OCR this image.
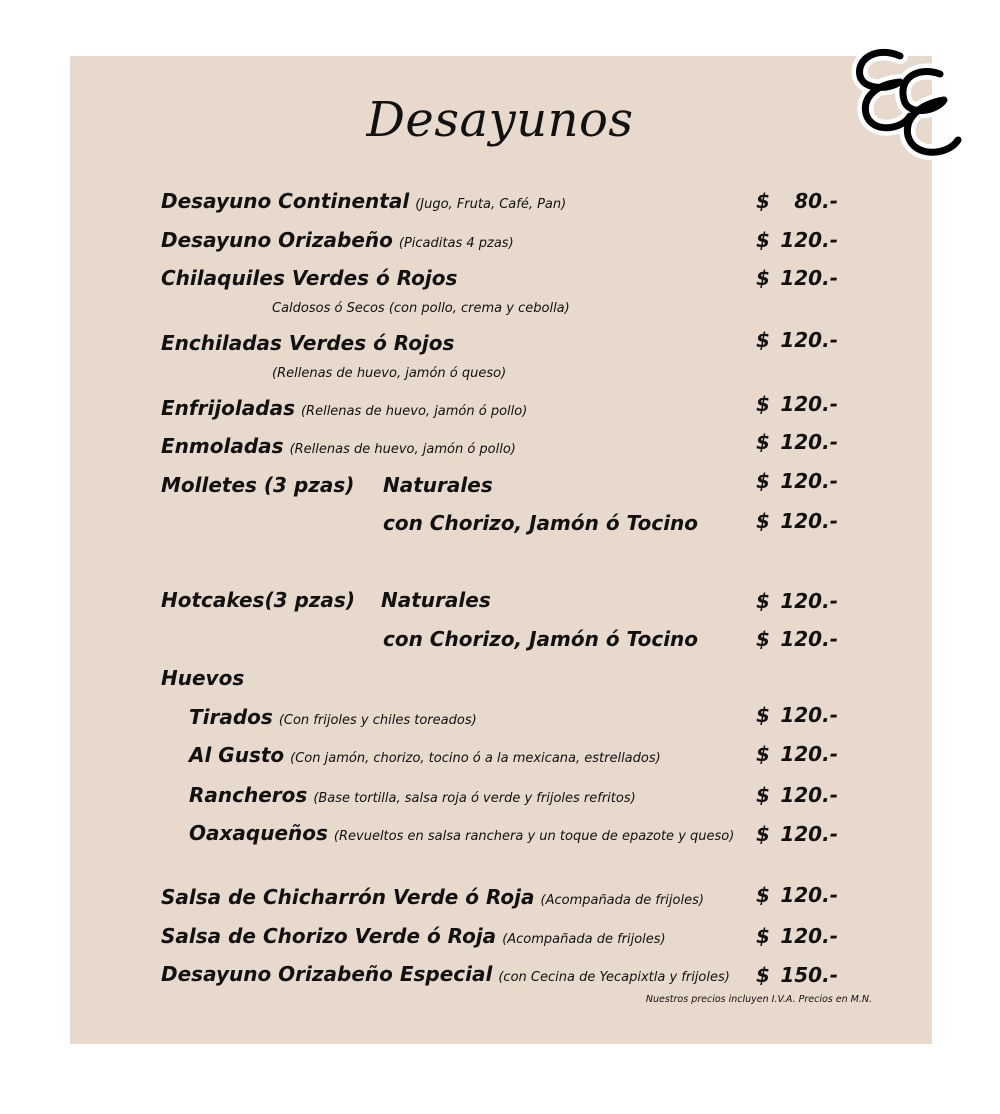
Desayunos
Desayuno Continental (Jugo, Fruta, Café, Pan)	$ 80.-
Desayuno Orizabeño (Picaditas 4 pzas)	$ 120.-
Chilaquiles Verdes ó Rojos	$ 120.-
Caldosos ó Secos (con pollo, crema y cebolla)
Enchiladas Verdes ó Rojos	$ 120.-
(Rellenas de huevo, jamón ó queso)
Enfrijoladas (Rellenas de huevo, jamón ó pollo)	$ 120.-
Enmoladas (Rellenas de huevo, jamón ó pollo)	$ 120.-
Molletes (3 pzas) Naturales	$ 120.-
con Chorizo, Jamón ó Tocino	$ 120.-
Hotcakes(3 pzas) Naturales	$ 120.-
con Chorizo, Jamón ó Tocino	$ 120.-
Huevos
Tirados (Con frijoles y chiles toreados)	$ 120.-
Al Gusto (Con jamón, chorizo, tocino ó a la mexicana, estrellados)	$ 120.-
Rancheros (Base tortilla, salsa roja ó verde y frijoles refritos)	$ 120.-
Oaxaqueños (Revueltos en salsa ranchera y un toque de epazote y queso) $ 120.-
Salsa de Chicharrón Verde ó Roja (Acompañada de frijoles)	$ 120.-
Salsa de Chorizo Verde ó Roja (Acompañada de frijoles)	$ 120.-
Desayuno Orizabeño Especial (con Cecina de Yecapixtla y frijoles) $ 150.-
Nuestros precios incluyen I.V.A. Precios en M.N.
